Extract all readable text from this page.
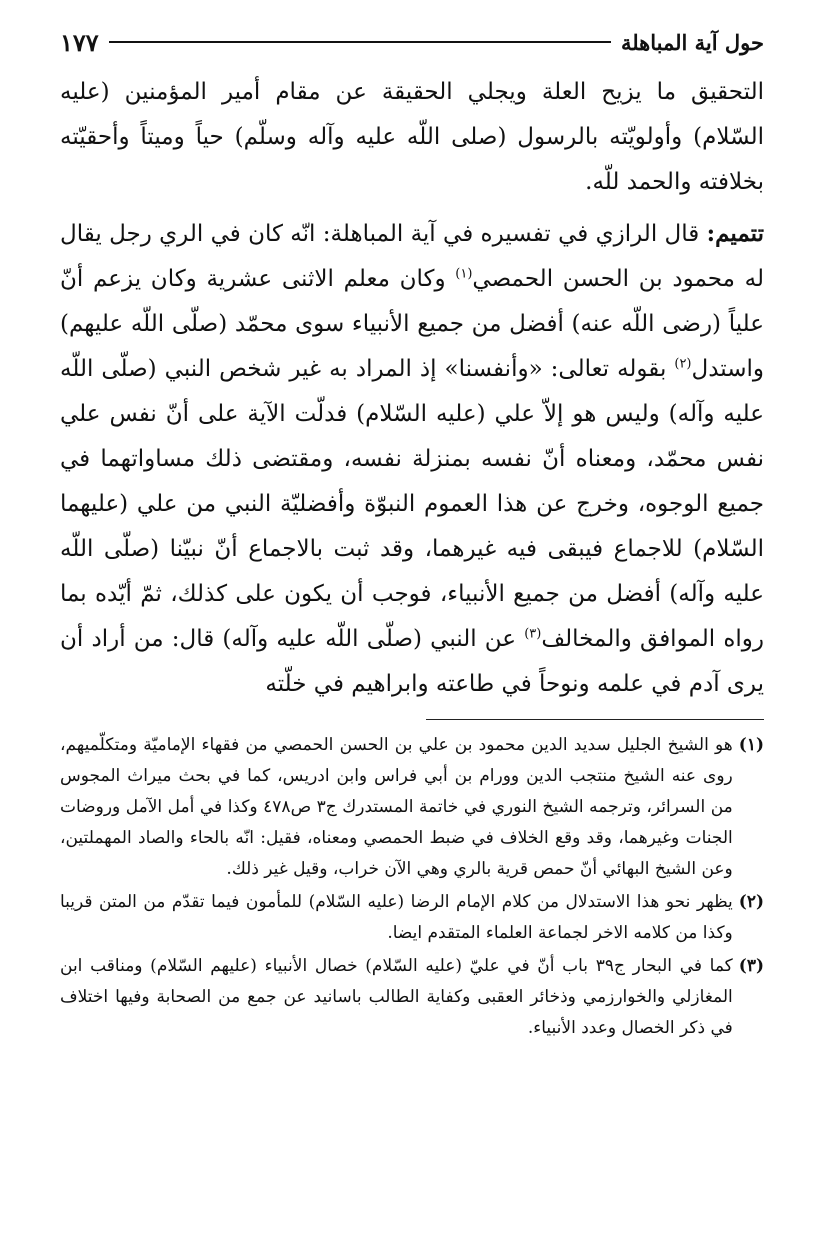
حول آية المباهلة
١٧٧

التحقيق ما يزيح العلة ويجلي الحقيقة عن مقام أمير المؤمنين (عليه السّلام) وأولويّته بالرسول (صلى اللّه عليه وآله وسلّم) حياً وميتاً وأحقيّته بخلافته والحمد للّه.

تتميم: قال الرازي في تفسيره في آية المباهلة: انّه كان في الري رجل يقال له محمود بن الحسن الحمصي$^{(١)}$ وكان معلم الاثنى عشرية وكان يزعم أنّ علياً (رضى اللّه عنه) أفضل من جميع الأنبياء سوى محمّد (صلّى اللّه عليهم) واستدل$^{(٢)}$ بقوله تعالى: «وأنفسنا» إذ المراد به غير شخص النبي (صلّى اللّه عليه وآله) وليس هو إلاّ علي (عليه السّلام) فدلّت الآية على أنّ نفس علي نفس محمّد، ومعناه أنّ نفسه بمنزلة نفسه، ومقتضى ذلك مساواتهما في جميع الوجوه، وخرج عن هذا العموم النبوّة وأفضليّة النبي من علي (عليهما السّلام) للاجماع فيبقى فيه غيرهما، وقد ثبت بالاجماع أنّ نبيّنا (صلّى اللّه عليه وآله) أفضل من جميع الأنبياء، فوجب أن يكون على كذلك، ثمّ أيّده بما رواه الموافق والمخالف$^{(٣)}$ عن النبي (صلّى اللّه عليه وآله) قال: من أراد أن يرى آدم في علمه ونوحاً في طاعته وابراهيم في خلّته

(١)
هو الشيخ الجليل سديد الدين محمود بن علي بن الحسن الحمصي من فقهاء الإماميّة ومتكلّميهم، روى عنه الشيخ منتجب الدين وورام بن أبي فراس وابن ادريس، كما في بحث ميراث المجوس من السرائر، وترجمه الشيخ النوري في خاتمة المستدرك ج٣ ص٤٧٨ وكذا في أمل الآمل وروضات الجنات وغيرهما، وقد وقع الخلاف في ضبط الحمصي ومعناه، فقيل: انّه بالحاء والصاد المهملتين، وعن الشيخ البهائي أنّ حمص قرية بالري وهي الآن خراب، وقيل غير ذلك.
(٢)
يظهر نحو هذا الاستدلال من كلام الإمام الرضا (عليه السّلام) للمأمون فيما تقدّم من المتن قريبا وكذا من كلامه الاخر لجماعة العلماء المتقدم ايضا.
(٣)
كما في البحار ج٣٩ باب أنّ في عليّ (عليه السّلام) خصال الأنبياء (عليهم السّلام) ومناقب ابن المغازلي والخوارزمي وذخائر العقبى وكفاية الطالب باسانيد عن جمع من الصحابة وفيها اختلاف في ذكر الخصال وعدد الأنبياء.
